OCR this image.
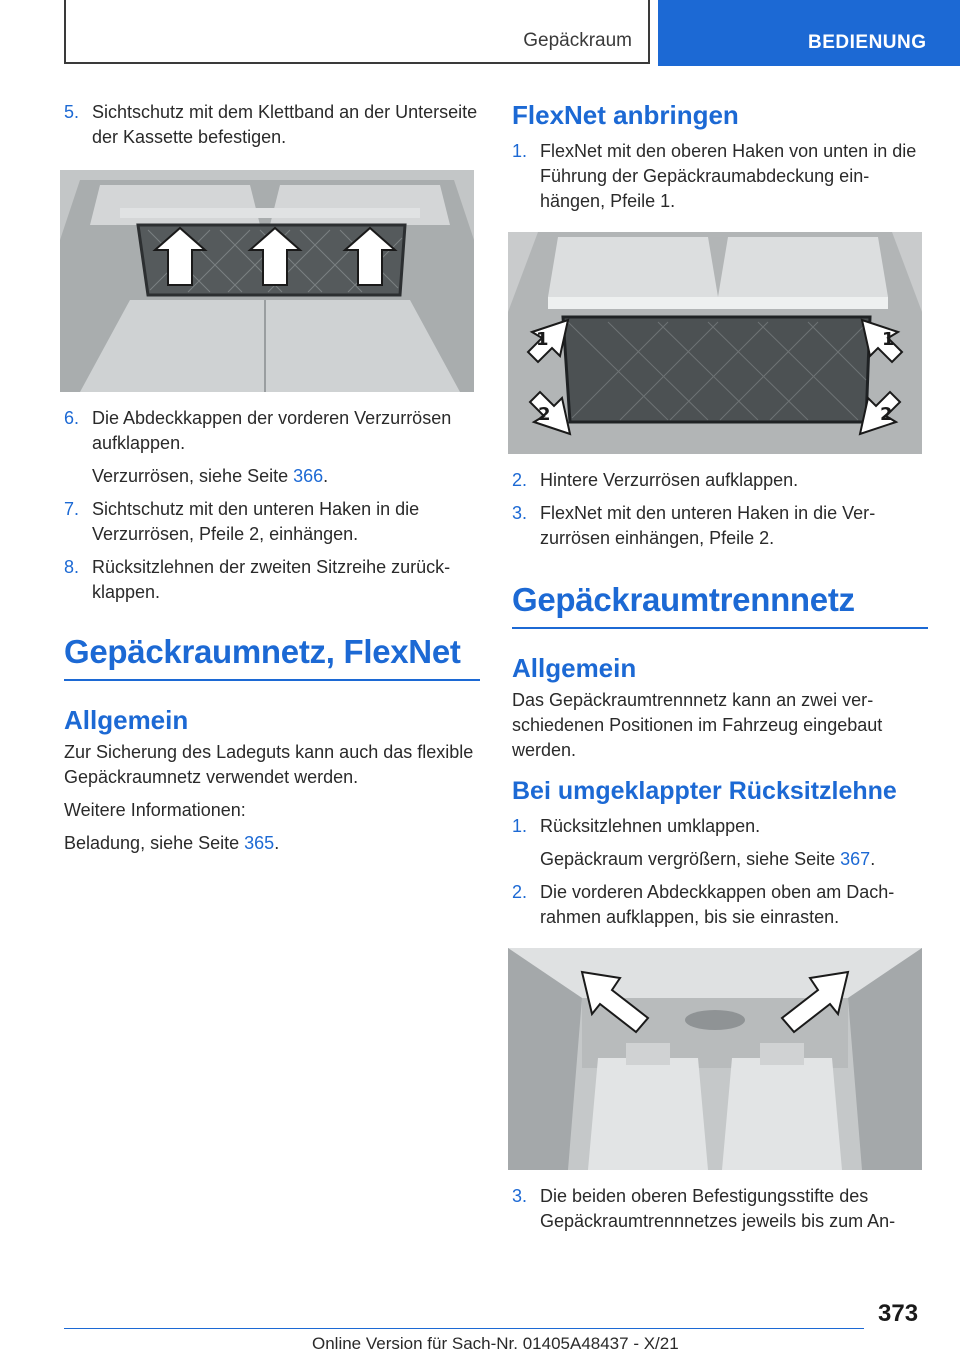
Gepäckraum	BEDIENUNG
5. Sichtschutz mit dem Klettband an der Unterseite der Kassette befestigen.
6. Die Abdeckkappen der vorderen Verzurrösen aufklappen.
Verzurrösen, siehe Seite 366.
7. Sichtschutz mit den unteren Haken in die Verzurrösen, Pfeile 2, einhängen.
8. Rücksitzlehnen der zweiten Sitzreihe zurückklappen.
Gepäckraumnetz, FlexNet
Allgemein
Zur Sicherung des Ladeguts kann auch das flexible Gepäckraumnetz verwendet werden.
Weitere Informationen:
Beladung, siehe Seite 365.
FlexNet anbringen
1. FlexNet mit den oberen Haken von unten in die Führung der Gepäckraumabdeckung einhängen, Pfeile 1.
1	1
2	2
2. Hintere Verzurrösen aufklappen.
3. FlexNet mit den unteren Haken in die Verzurrösen einhängen, Pfeile 2.
Gepäckraumtrennnetz
Allgemein
Das Gepäckraumtrennnetz kann an zwei verschiedenen Positionen im Fahrzeug eingebaut werden.
Bei umgeklappter Rücksitzlehne
1. Rücksitzlehnen umklappen.
Gepäckraum vergrößern, siehe Seite 367.
2. Die vorderen Abdeckkappen oben am Dachrahmen aufklappen, bis sie einrasten.
3. Die beiden oberen Befestigungsstifte des Gepäckraumtrennnetzes jeweils bis zum An-
373
Online Version für Sach-Nr. 01405A48437 - X/21
